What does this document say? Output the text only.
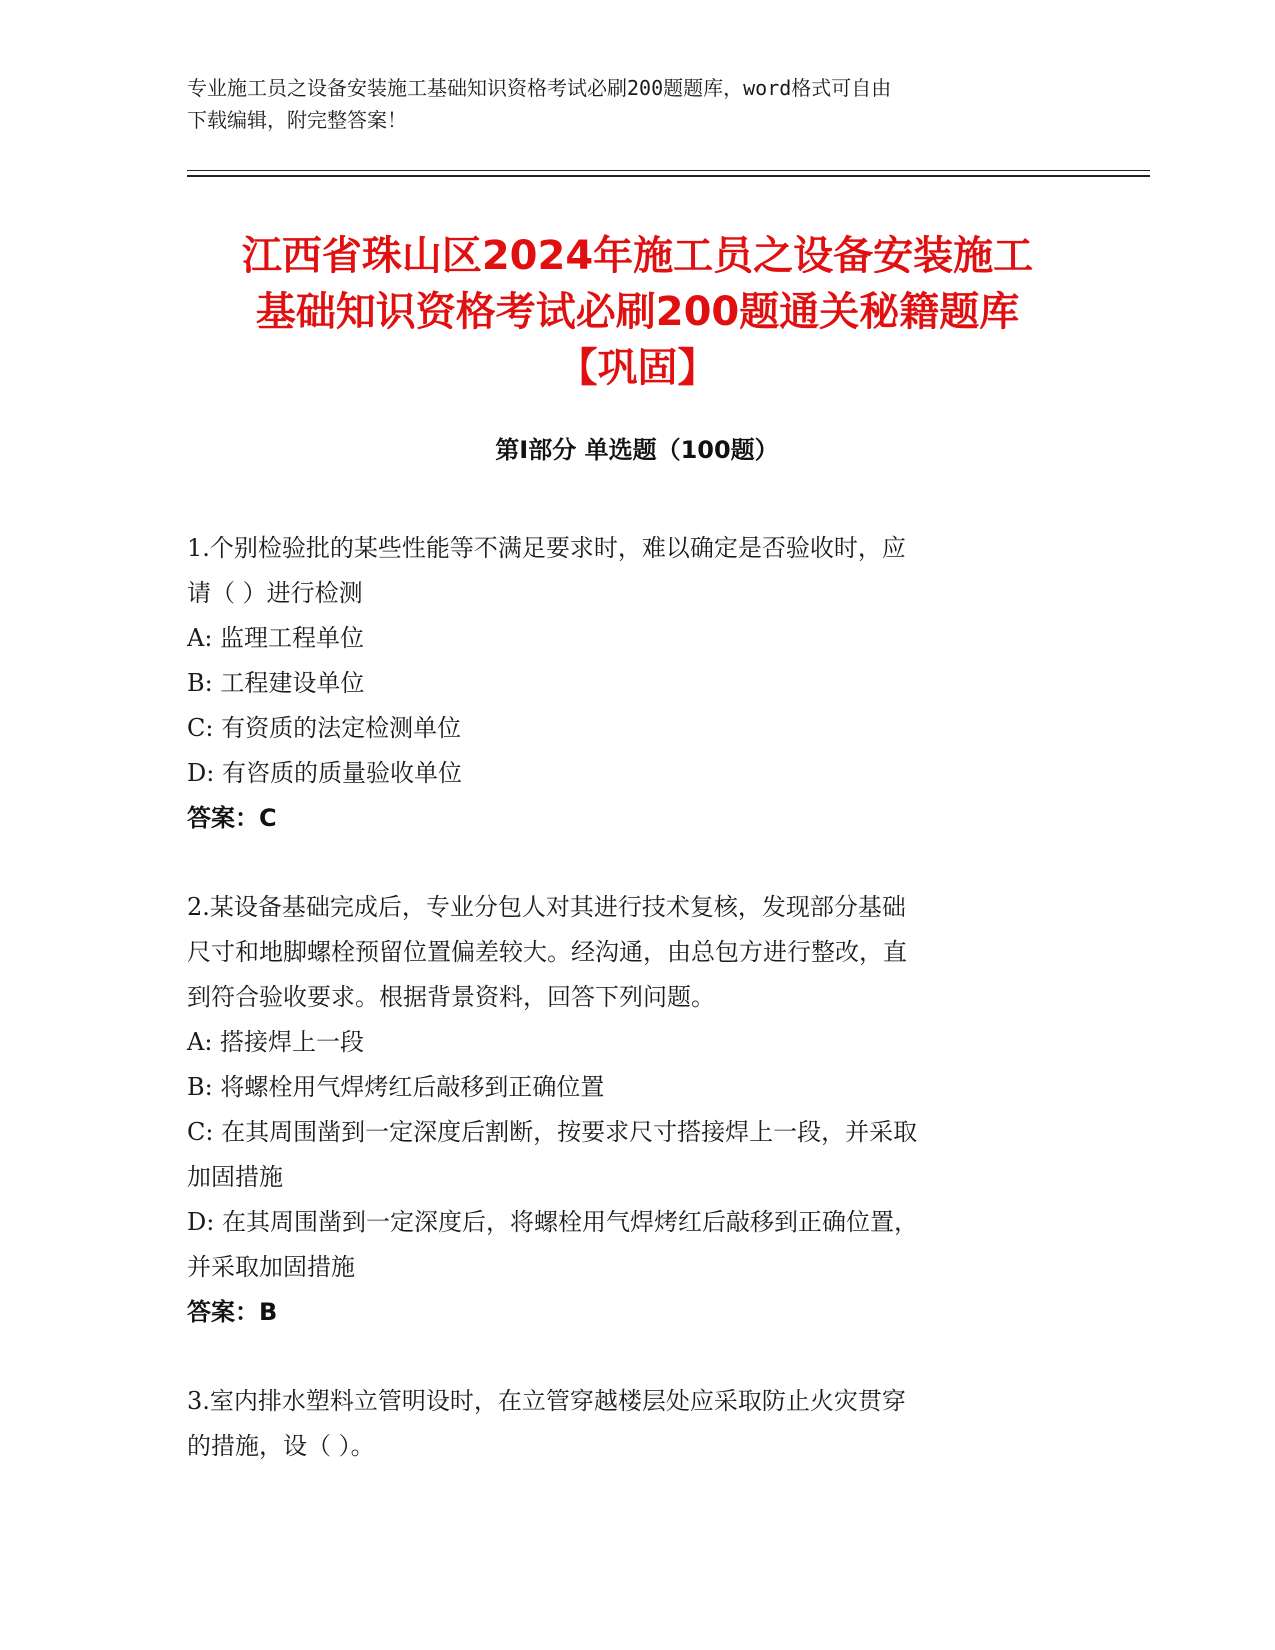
专业施工员之设备安装施工基础知识资格考试必刷200题题库，word格式可自由
下载编辑，附完整答案！
江西省珠山区2024年施工员之设备安装施工
基础知识资格考试必刷200题通关秘籍题库
【巩固】
第Ⅰ部分 单选题（100题）

1.个别检验批的某些性能等不满足要求时，难以确定是否验收时，应

请（ ）进行检测

A: 监理工程单位

B: 工程建设单位

C: 有资质的法定检测单位

D: 有咨质的质量验收单位

答案：C

2.某设备基础完成后，专业分包人对其进行技术复核，发现部分基础

尺寸和地脚螺栓预留位置偏差较大。经沟通，由总包方进行整改，直

到符合验收要求。根据背景资料，回答下列问题。

A: 搭接焊上一段

B: 将螺栓用气焊烤红后敲移到正确位置

C: 在其周围凿到一定深度后割断，按要求尺寸搭接焊上一段，并采取

加固措施

D: 在其周围凿到一定深度后，将螺栓用气焊烤红后敲移到正确位置，

并采取加固措施

答案：B

3.室内排水塑料立管明设时，在立管穿越楼层处应采取防止火灾贯穿

的措施，设（ ）。
